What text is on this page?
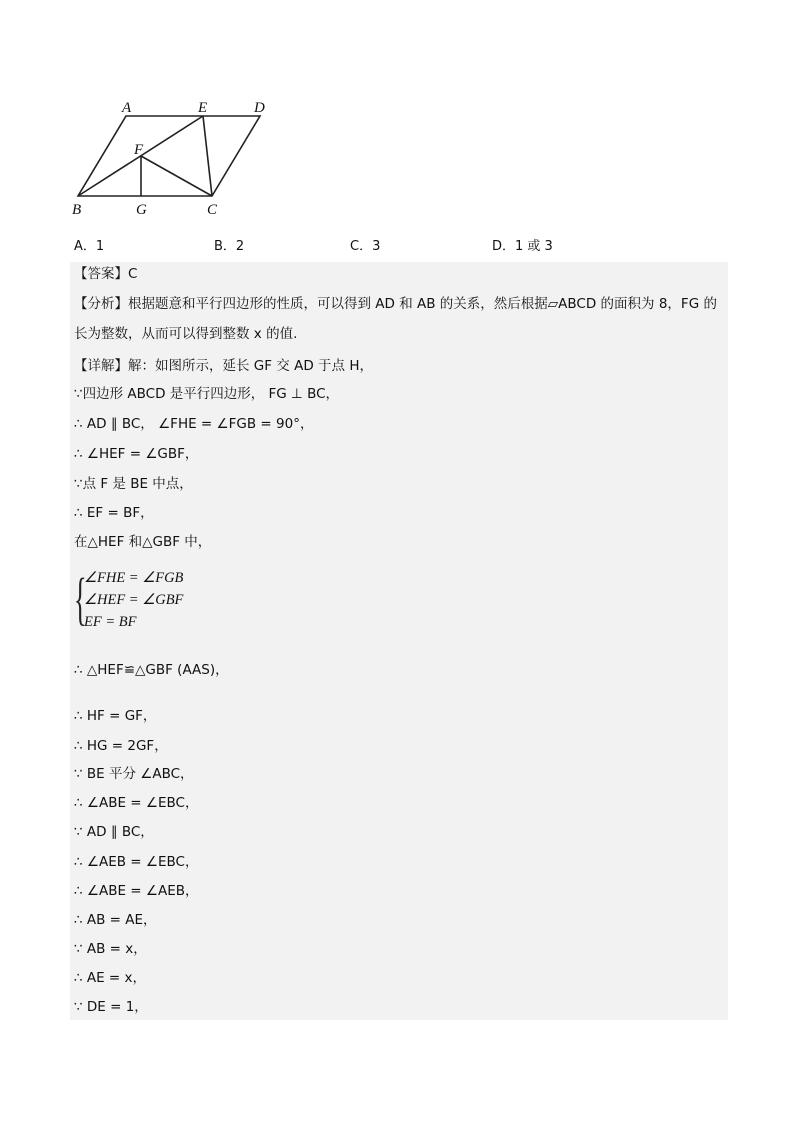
A	E	D
F
B	G	C
A．1	B．2	C．3	D．1 或 3
【答案】C
【分析】根据题意和平行四边形的性质，可以得到 AD 和 AB 的关系，然后根据▱ABCD 的面积为 8，FG 的
长为整数，从而可以得到整数 x 的值.
【详解】解：如图所示，延长 GF 交 AD 于点 H，
∵四边形 ABCD 是平行四边形， FG ⊥ BC，
∴ AD ∥ BC， ∠FHE = ∠FGB = 90°，
∴ ∠HEF = ∠GBF，
∵点 F 是 BE 中点，
∴ EF = BF，
在△HEF 和△GBF 中，
{
∠FHE = ∠FGB
∠HEF = ∠GBF
EF = BF
∴ △HEF≌△GBF (AAS)，
∴ HF = GF，
∴ HG = 2GF，
∵ BE 平分 ∠ABC，
∴ ∠ABE = ∠EBC，
∵ AD ∥ BC，
∴ ∠AEB = ∠EBC，
∴ ∠ABE = ∠AEB，
∴ AB = AE，
∵ AB = x，
∴ AE = x，
∵ DE = 1，
